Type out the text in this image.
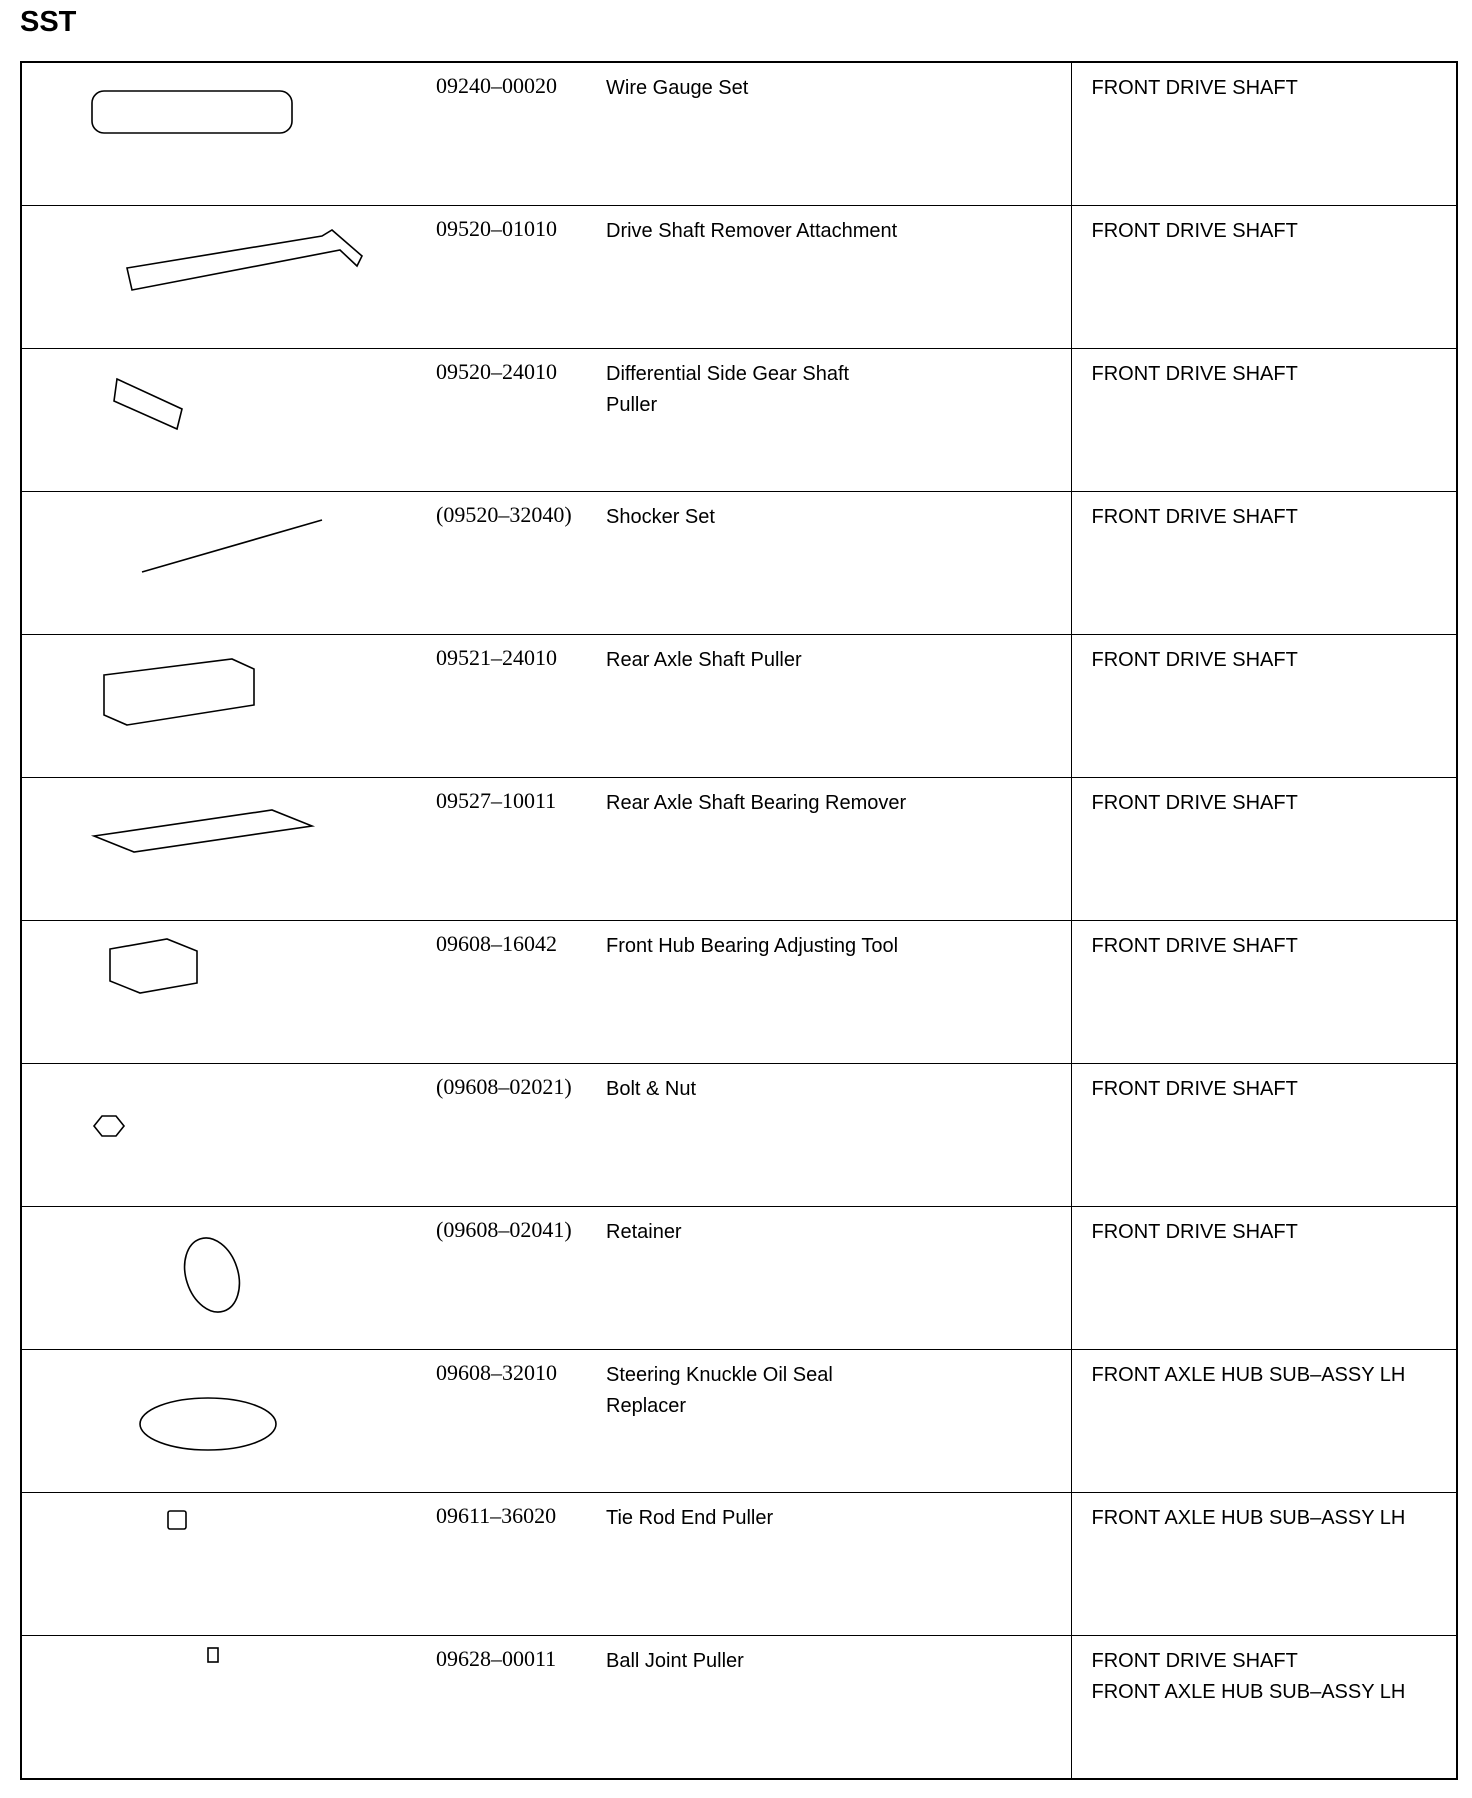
SST

09240–00020	Wire Gauge Set	FRONT DRIVE SHAFT

09520–01010	Drive Shaft Remover Attachment	FRONT DRIVE SHAFT

09520–24010	Differential Side Gear Shaft
Puller	FRONT DRIVE SHAFT

(09520–32040)	Shocker Set	FRONT DRIVE SHAFT

09521–24010	Rear Axle Shaft Puller	FRONT DRIVE SHAFT

09527–10011	Rear Axle Shaft Bearing Remover	FRONT DRIVE SHAFT

09608–16042	Front Hub Bearing Adjusting Tool	FRONT DRIVE SHAFT

(09608–02021)	Bolt & Nut	FRONT DRIVE SHAFT

(09608–02041)	Retainer	FRONT DRIVE SHAFT

09608–32010	Steering Knuckle Oil Seal
Replacer	FRONT AXLE HUB SUB–ASSY LH

09611–36020	Tie Rod End Puller	FRONT AXLE HUB SUB–ASSY LH

09628–00011	Ball Joint Puller	FRONT DRIVE SHAFT
FRONT AXLE HUB SUB–ASSY LH
